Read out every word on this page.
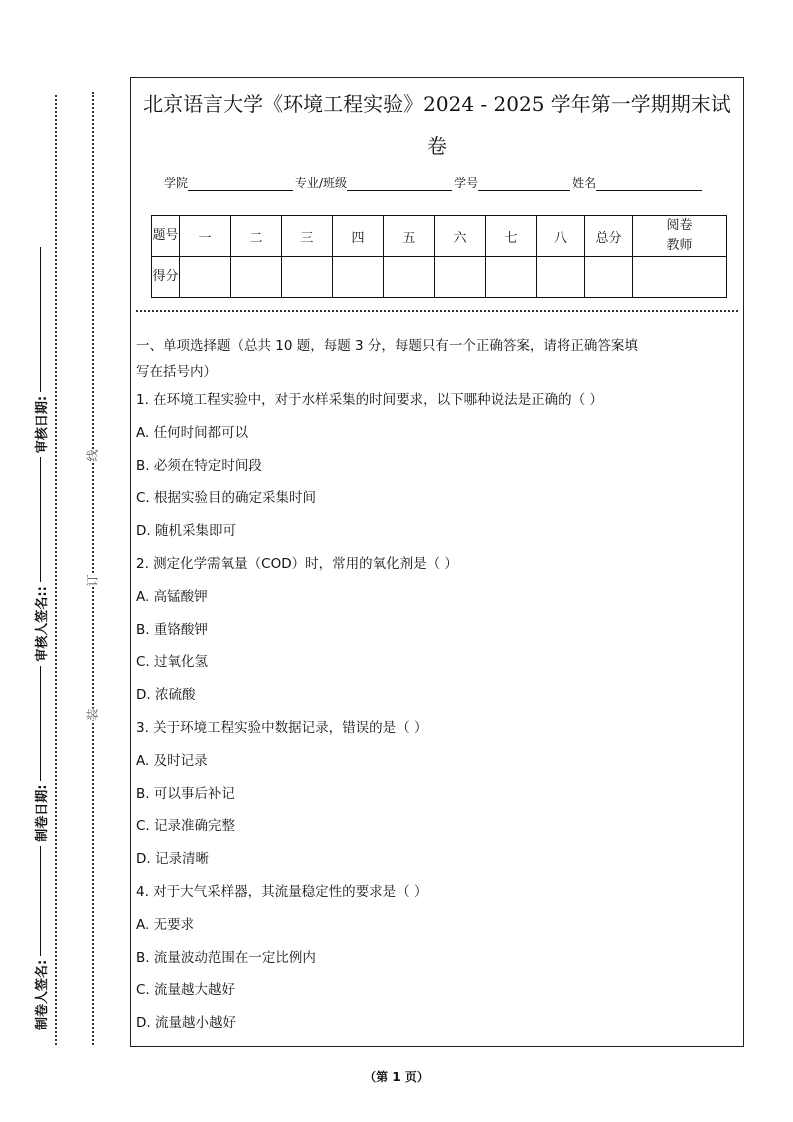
制卷人签名:
制卷日期:
审核人签名::
审核日期:
装
订
线
北京语言大学《环境工程实验》2024 - 2025 学年第一学期期末试
卷
学院	专业/班级	学号	姓名
题号	一	二	三	四	五	六	七	八	总分	阅卷教师
得分										
一、单项选择题（总共 10 题，每题 3 分，每题只有一个正确答案，请将正确答案填
写在括号内）
1. 在环境工程实验中，对于水样采集的时间要求，以下哪种说法是正确的（ ）
A. 任何时间都可以
B. 必须在特定时间段
C. 根据实验目的确定采集时间
D. 随机采集即可
2. 测定化学需氧量（COD）时，常用的氧化剂是（ ）
A. 高锰酸钾
B. 重铬酸钾
C. 过氧化氢
D. 浓硫酸
3. 关于环境工程实验中数据记录，错误的是（ ）
A. 及时记录
B. 可以事后补记
C. 记录准确完整
D. 记录清晰
4. 对于大气采样器，其流量稳定性的要求是（ ）
A. 无要求
B. 流量波动范围在一定比例内
C. 流量越大越好
D. 流量越小越好
（第 1 页）
